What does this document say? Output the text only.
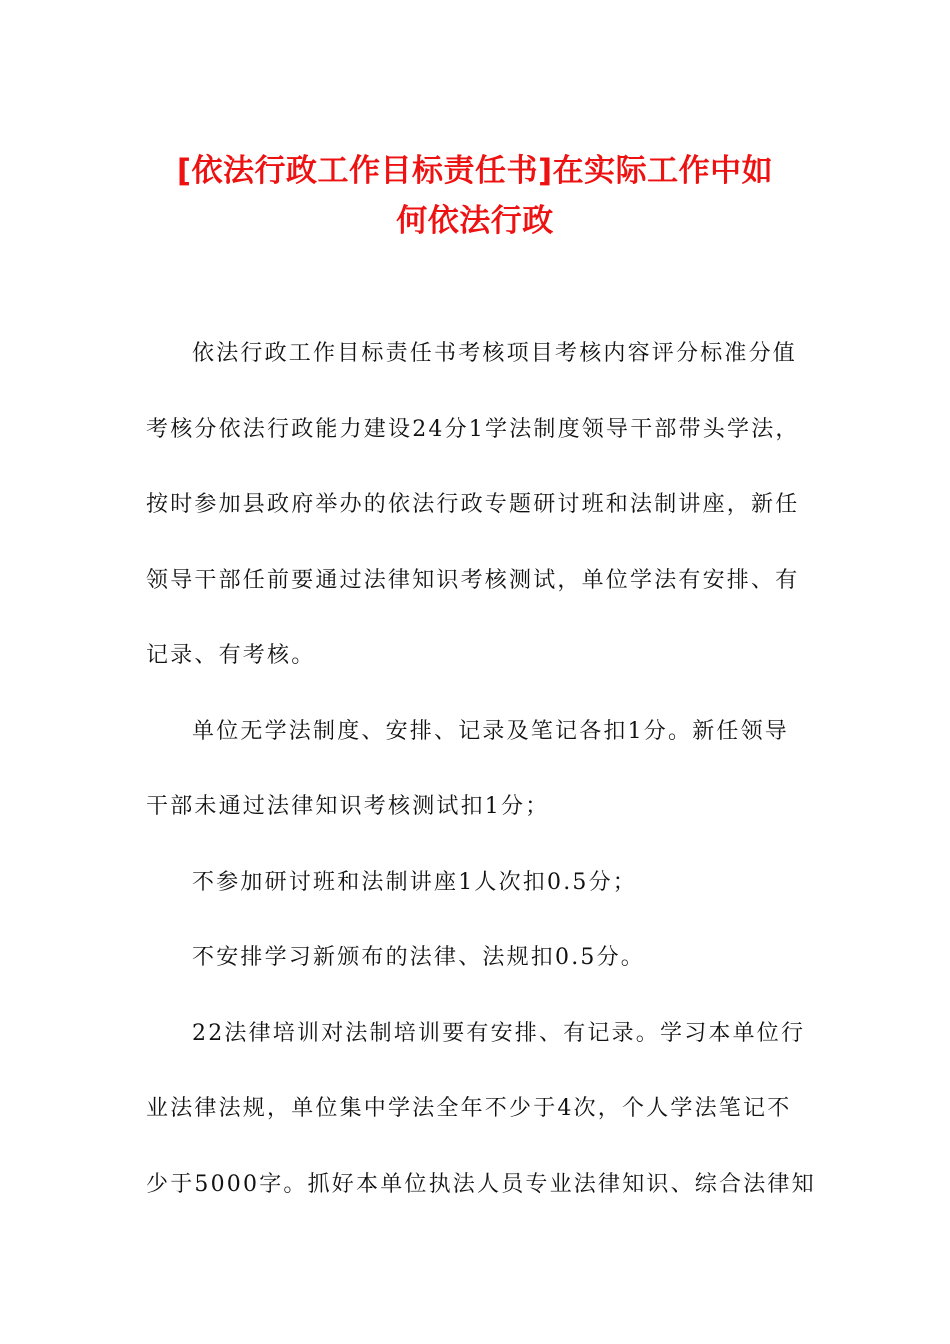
[依法行政工作目标责任书]在实际工作中如
何依法行政
依法行政工作目标责任书考核项目考核内容评分标准分值
考核分依法行政能力建设24分1学法制度领导干部带头学法，
按时参加县政府举办的依法行政专题研讨班和法制讲座，新任
领导干部任前要通过法律知识考核测试，单位学法有安排、有
记录、有考核。
单位无学法制度、安排、记录及笔记各扣1分。新任领导
干部未通过法律知识考核测试扣1分；
不参加研讨班和法制讲座1人次扣0.5分；
不安排学习新颁布的法律、法规扣0.5分。
22法律培训对法制培训要有安排、有记录。学习本单位行
业法律法规，单位集中学法全年不少于4次，个人学法笔记不
少于5000字。抓好本单位执法人员专业法律知识、综合法律知
